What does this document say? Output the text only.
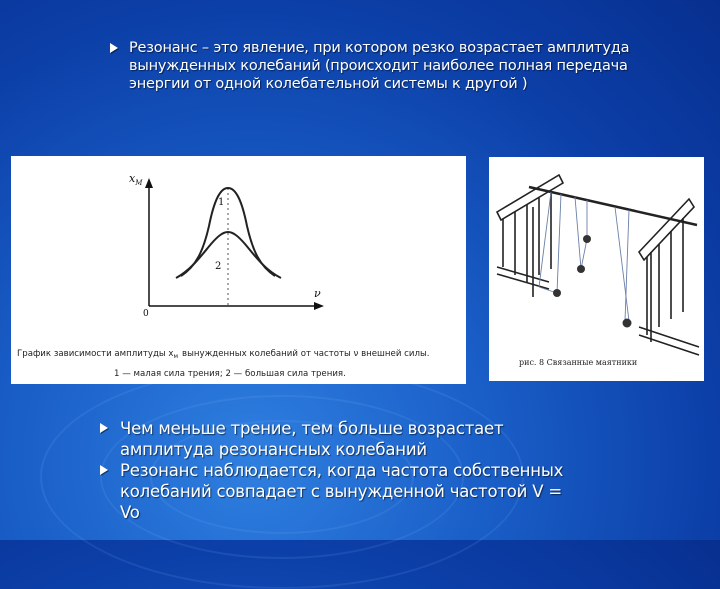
Резонанс – это явление, при котором резко возрастает амплитуда вынужденных колебаний (происходит наиболее полная передача энергии от одной колебательной системы к другой )
$x_M$
1
2
ν
0
График зависимости амплитуды $x_м$ вынужденных колебаний от частоты ν внешней силы.
1 — малая сила трения; 2 — большая сила трения.
рис. 8 Связанные маятники
Чем меньше трение, тем больше возрастает амплитуда резонансных колебаний
Резонанс наблюдается, когда частота собственных колебаний совпадает с вынужденной частотой V = Vo
